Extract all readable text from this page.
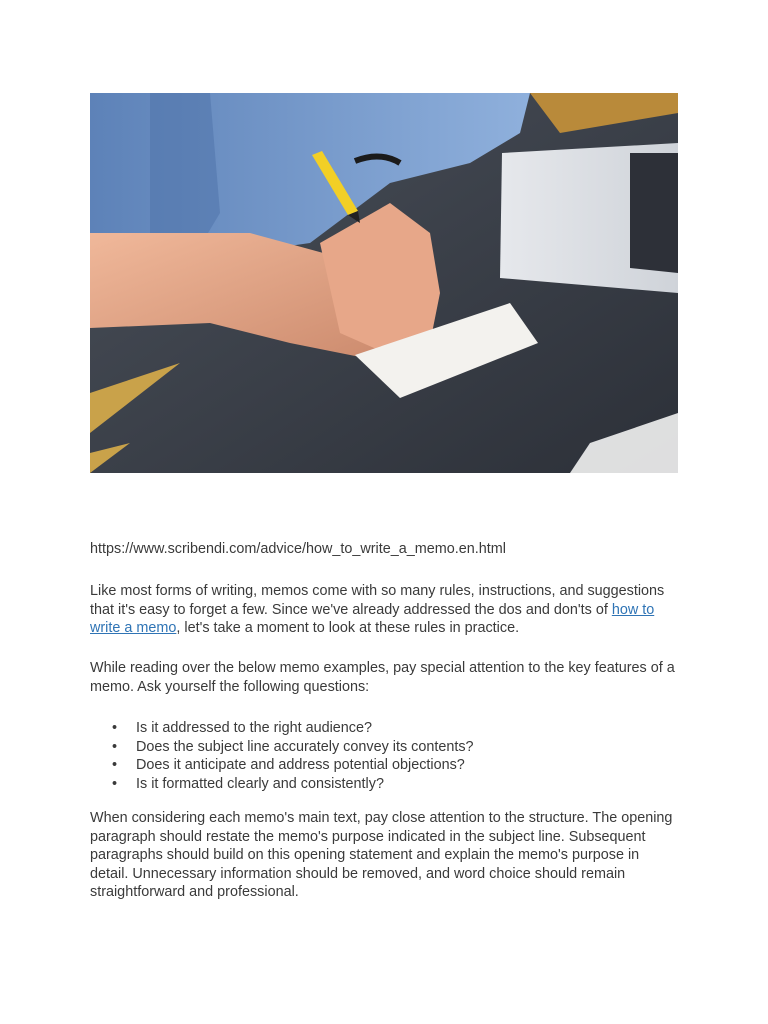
https://www.scribendi.com/advice/how_to_write_a_memo.en.html
Like most forms of writing, memos come with so many rules, instructions, and suggestions that it's easy to forget a few. Since we've already addressed the dos and don'ts of how to write a memo, let's take a moment to look at these rules in practice.
While reading over the below memo examples, pay special attention to the key features of a memo. Ask yourself the following questions:
• Is it addressed to the right audience?
• Does the subject line accurately convey its contents?
• Does it anticipate and address potential objections?
• Is it formatted clearly and consistently?
When considering each memo's main text, pay close attention to the structure. The opening paragraph should restate the memo's purpose indicated in the subject line. Subsequent paragraphs should build on this opening statement and explain the memo's purpose in detail. Unnecessary information should be removed, and word choice should remain straightforward and professional.
